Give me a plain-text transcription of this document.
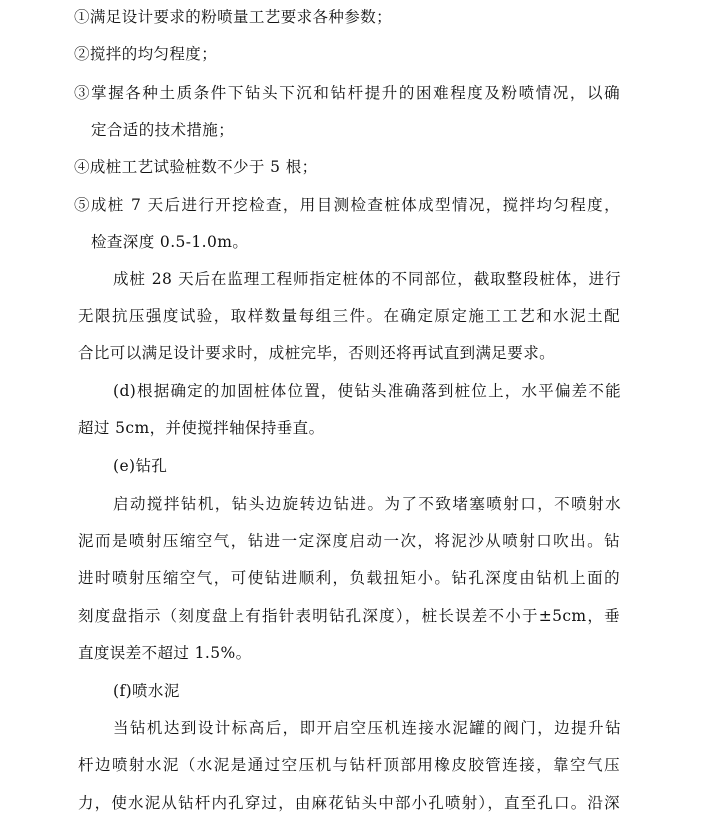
①满足设计要求的粉喷量工艺要求各种参数；
②搅拌的均匀程度；
③掌握各种土质条件下钻头下沉和钻杆提升的困难程度及粉喷情况，以确
定合适的技术措施；
④成桩工艺试验桩数不少于 5 根；
⑤成桩 7 天后进行开挖检查，用目测检查桩体成型情况，搅拌均匀程度，
检查深度 0.5-1.0m。
成桩 28 天后在监理工程师指定桩体的不同部位，截取整段桩体，进行
无限抗压强度试验，取样数量每组三件。在确定原定施工工艺和水泥土配
合比可以满足设计要求时，成桩完毕，否则还将再试直到满足要求。
(d)根据确定的加固桩体位置，使钻头准确落到桩位上，水平偏差不能
超过 5cm，并使搅拌轴保持垂直。
(e)钻孔
启动搅拌钻机，钻头边旋转边钻进。为了不致堵塞喷射口，不喷射水
泥而是喷射压缩空气，钻进一定深度启动一次，将泥沙从喷射口吹出。钻
进时喷射压缩空气，可使钻进顺利，负载扭矩小。钻孔深度由钻机上面的
刻度盘指示（刻度盘上有指针表明钻孔深度），桩长误差不小于±5cm，垂
直度误差不超过 1.5%。
(f)喷水泥
当钻机达到设计标高后，即开启空压机连接水泥罐的阀门，边提升钻
杆边喷射水泥（水泥是通过空压机与钻杆顶部用橡皮胶管连接，靠空气压
力，使水泥从钻杆内孔穿过，由麻花钻头中部小孔喷射），直至孔口。沿深
